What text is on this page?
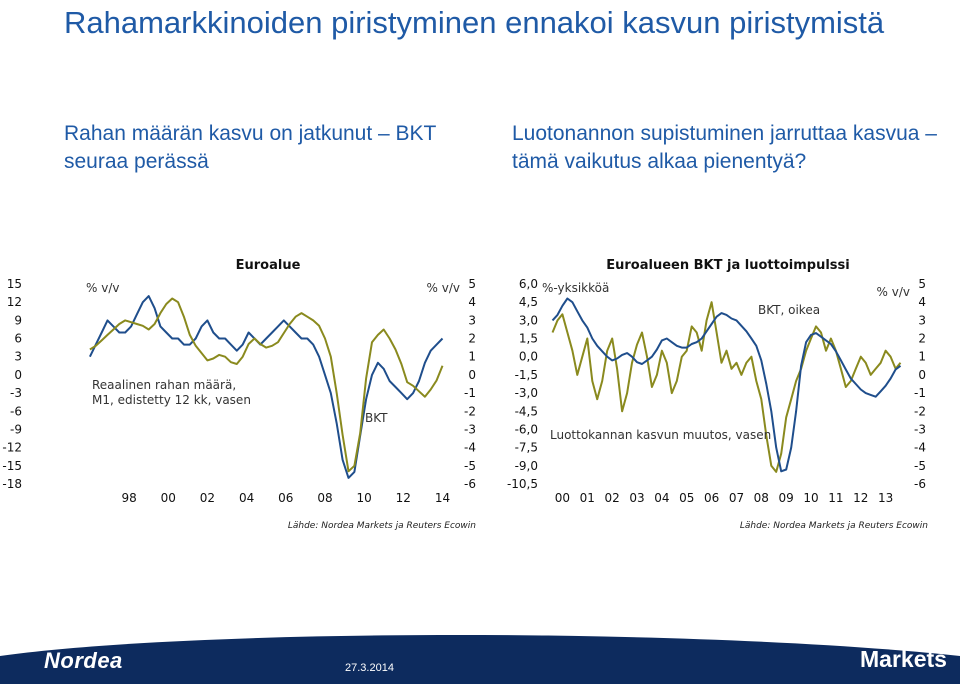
Rahamarkkinoiden piristyminen ennakoi kasvun piristymistä
Rahan määrän kasvu on jatkunut – BKT seuraa perässä
Luotonannon supistuminen jarruttaa kasvua – tämä vaikutus alkaa pienentyä?
Euroalue
15
12
9
6
3
0
-3
-6
-9
-12
-15
-18
5
4
3
2
1
0
-1
-2
-3
-4
-5
-6
98 00 02 04 06 08 10 12 14
% v/v	% v/v
Reaalinen rahan määrä,
M1, edistetty 12 kk, vasen
BKT
Lähde: Nordea Markets ja Reuters Ecowin
Euroalueen BKT ja luottoimpulssi
6,0
4,5
3,0
1,5
0,0
-1,5
-3,0
-4,5
-6,0
-7,5
-9,0
-10,5
5
4
3
2
1
0
-1
-2
-3
-4
-5
-6
00 01 02 03 04 05 06 07 08 09 10 11 12 13
%-yksikköä	% v/v
BKT, oikea
Luottokannan kasvun muutos, vasen
Lähde: Nordea Markets ja Reuters Ecowin
Nordea	27.3.2014	Markets
